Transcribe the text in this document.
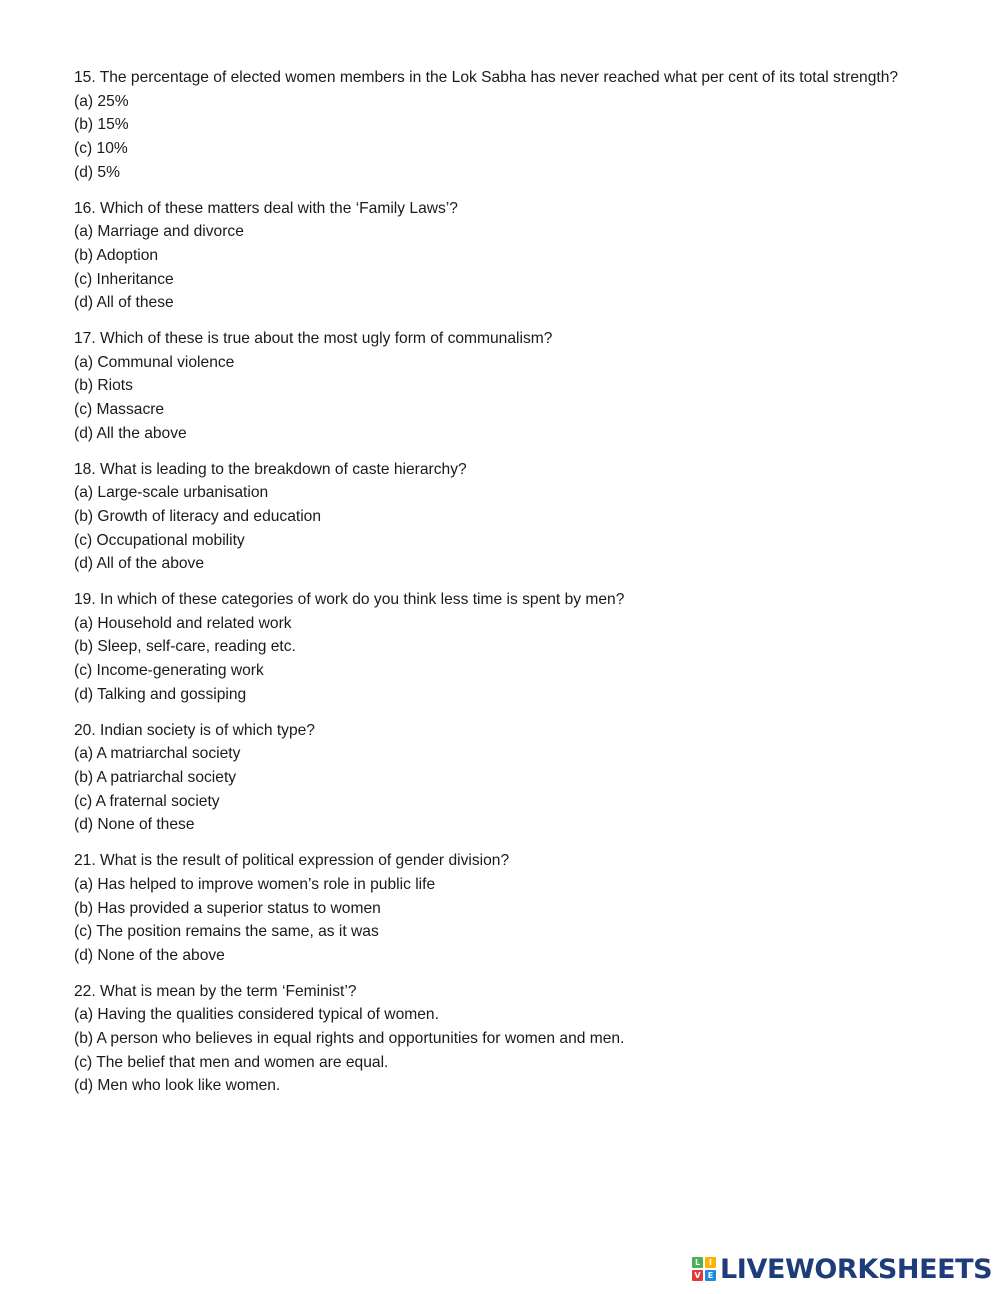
15. The percentage of elected women members in the Lok Sabha has never reached what per cent of its total strength?
(a) 25%
(b) 15%
(c) 10%
(d) 5%
16. Which of these matters deal with the ‘Family Laws’?
(a) Marriage and divorce
(b) Adoption
(c) Inheritance
(d) All of these
17. Which of these is true about the most ugly form of communalism?
(a) Communal violence
(b) Riots
(c) Massacre
(d) All the above
18. What is leading to the breakdown of caste hierarchy?
(a) Large-scale urbanisation
(b) Growth of literacy and education
(c) Occupational mobility
(d) All of the above
19. In which of these categories of work do you think less time is spent by men?
(a) Household and related work
(b) Sleep, self-care, reading etc.
(c) Income-generating work
(d) Talking and gossiping
20. Indian society is of which type?
(a) A matriarchal society
(b) A patriarchal society
(c) A fraternal society
(d) None of these
21. What is the result of political expression of gender division?
(a) Has helped to improve women’s role in public life
(b) Has provided a superior status to women
(c) The position remains the same, as it was
(d) None of the above
22. What is mean by the term ‘Feminist’?
(a) Having the qualities considered typical of women.
(b) A person who believes in equal rights and opportunities for women and men.
(c) The belief that men and women are equal.
(d) Men who look like women.
L	I
V E LIVEWORKSHEETS
